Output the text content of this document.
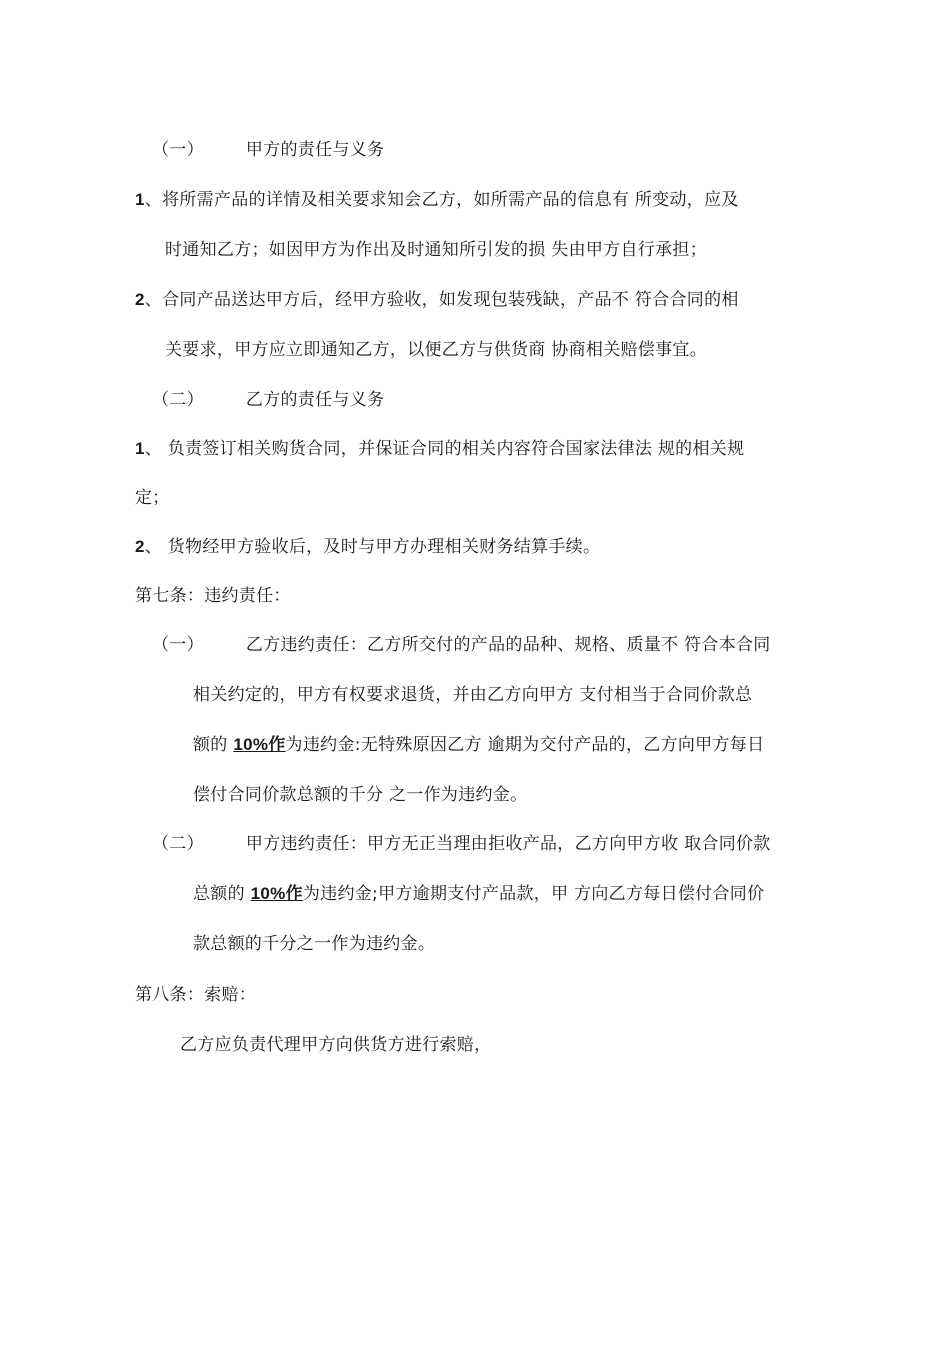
（一） 甲方的责任与义务
1、将所需产品的详情及相关要求知会乙方，如所需产品的信息有 所变动，应及
时通知乙方；如因甲方为作出及时通知所引发的损 失由甲方自行承担；
2、合同产品送达甲方后，经甲方验收，如发现包装残缺，产品不 符合合同的相
关要求，甲方应立即通知乙方，以便乙方与供货商 协商相关赔偿事宜。
（二） 乙方的责任与义务
1、 负责签订相关购货合同，并保证合同的相关内容符合国家法律法 规的相关规
定；
2、 货物经甲方验收后，及时与甲方办理相关财务结算手续。
第七条：违约责任：
（一） 乙方违约责任：乙方所交付的产品的品种、规格、质量不 符合本合同
相关约定的，甲方有权要求退货，并由乙方向甲方 支付相当于合同价款总
额的 10%作为违约金:无特殊原因乙方 逾期为交付产品的，乙方向甲方每日
偿付合同价款总额的千分 之一作为违约金。
（二） 甲方违约责任：甲方无正当理由拒收产品，乙方向甲方收 取合同价款
总额的 10%作为违约金;甲方逾期支付产品款，甲 方向乙方每日偿付合同价
款总额的千分之一作为违约金。
第八条：索赔：
乙方应负责代理甲方向供货方进行索赔，
